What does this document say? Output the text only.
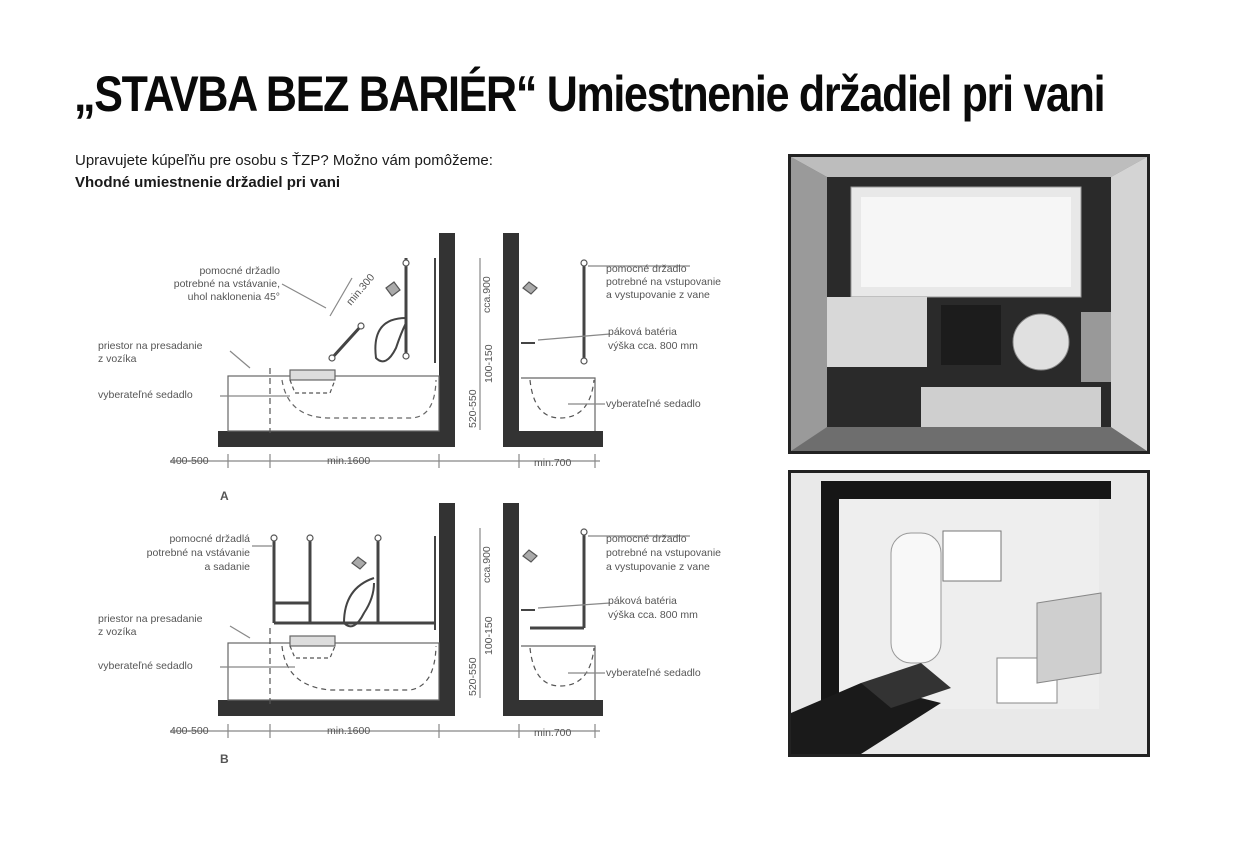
„STAVBA BEZ BARIÉR“ Umiestnenie držadiel pri vani
Upravujete kúpeľňu pre osobu s ŤZP? Možno vám pomôžeme:
Vhodné umiestnenie držadiel pri vani
pomocné držadlo
potrebné na vstávanie,
uhol naklonenia 45°	min.300
priestor na presadanie
z vozíka
vyberateľné sedadlo
400-500	min.1600
cca.900
100-150
520-550
pomocné držadlo
potrebné na vstupovanie
a vystupovanie z vane
páková batéria
výška cca. 800 mm
vyberateľné sedadlo
min.700
A
pomocné držadlá
potrebné na vstávanie
a sadanie
priestor na presadanie
z vozíka
vyberateľné sedadlo
400-500	min.1600
cca.900
100-150
520-550
pomocné držadlo
potrebné na vstupovanie
a vystupovanie z vane
páková batéria
výška cca. 800 mm
vyberateľné sedadlo
min.700
B
